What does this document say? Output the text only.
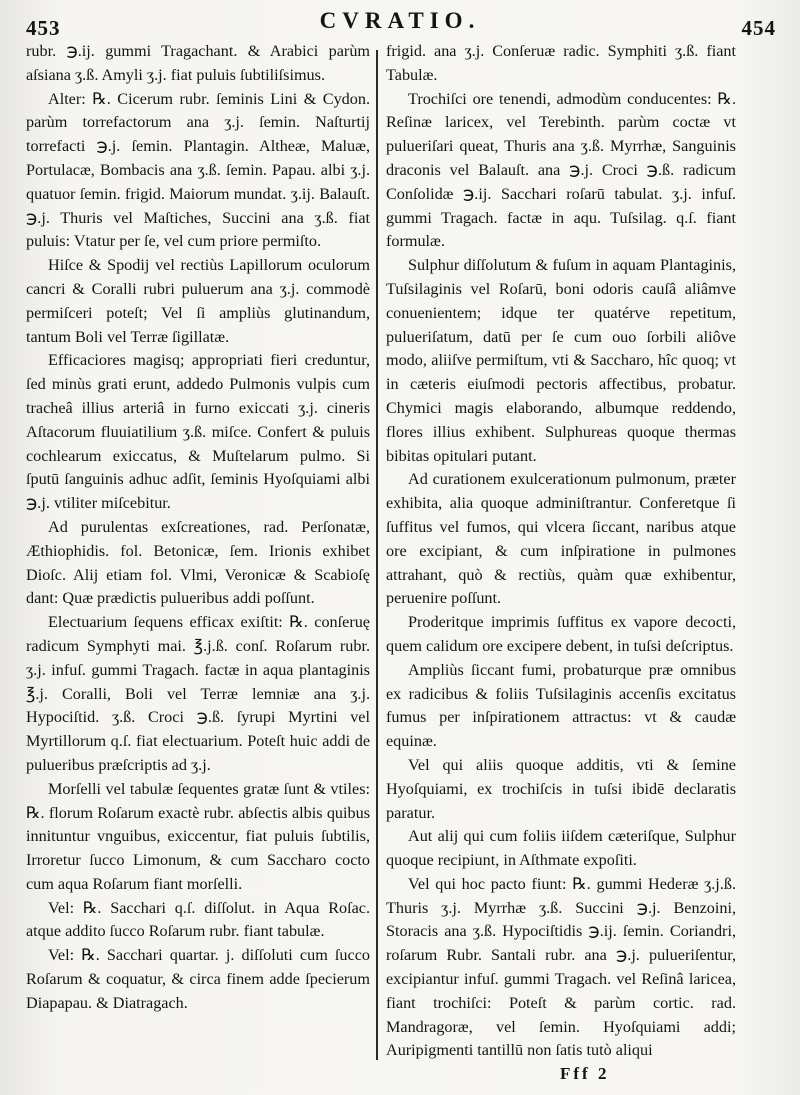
453	CVRATIO.	454

rubr. ℈.ij. gummi Tragachant. & Arabici parùm aſsiana ʒ.ß. Amyli ʒ.j. fiat puluis ſubtiliſsimus.

Alter: ℞. Cicerum rubr. ſeminis Lini & Cydon. parùm torrefactorum ana ʒ.j. ſemin. Naſturtij torrefacti ℈.j. ſemin. Plantagin. Altheæ, Maluæ, Portulacæ, Bombacis ana ʒ.ß. ſemin. Papau. albi ʒ.j. quatuor ſemin. frigid. Maiorum mundat. ʒ.ij. Balauſt. ℈.j. Thuris vel Maſtiches, Succini ana ʒ.ß. fiat puluis: Vtatur per ſe, vel cum priore permiſto.

Hiſce & Spodij vel rectiùs Lapillorum oculorum cancri & Coralli rubri puluerum ana ʒ.j. commodè permiſceri poteſt; Vel ſi ampliùs glutinandum, tantum Boli vel Terræ ſigillatæ.

Efficaciores magisq; appropriati fieri creduntur, ſed minùs grati erunt, addedo Pulmonis vulpis cum tracheâ illius arteriâ in furno exiccati ʒ.j. cineris Aſtacorum fluuiatilium ʒ.ß. miſce. Confert & puluis cochlearum exiccatus, & Muſtelarum pulmo. Si ſputū ſanguinis adhuc adſit, ſeminis Hyoſquiami albi ℈.j. vtiliter miſcebitur.

Ad purulentas exſcreationes, rad. Perſonatæ, Æthiophidis. fol. Betonicæ, ſem. Irionis exhibet Dioſc. Alij etiam fol. Vlmi, Veronicæ & Scabioſę dant: Quæ prædictis pulueribus addi poſſunt.

Electuarium ſequens efficax exiſtit: ℞. conſeruę radicum Symphyti mai. ℥.j.ß. conſ. Roſarum rubr. ʒ.j. infuſ. gummi Tragach. factæ in aqua plantaginis ℥.j. Coralli, Boli vel Terræ lemniæ ana ʒ.j. Hypociſtid. ʒ.ß. Croci ℈.ß. ſyrupi Myrtini vel Myrtillorum q.ſ. fiat electuarium. Poteſt huic addi de pulueribus præſcriptis ad ʒ.j.

Morſelli vel tabulæ ſequentes gratæ ſunt & vtiles: ℞. florum Roſarum exactè rubr. abſectis albis quibus innituntur vnguibus, exiccentur, fiat puluis ſubtilis, Irroretur ſucco Limonum, & cum Saccharo cocto cum aqua Roſarum fiant morſelli.

Vel: ℞. Sacchari q.ſ. diſſolut. in Aqua Roſac. atque addito ſucco Roſarum rubr. fiant tabulæ.

Vel: ℞. Sacchari quartar. j. diſſoluti cum ſucco Roſarum & coquatur, & circa finem adde ſpecierum Diapapau. & Diatragach.

frigid. ana ʒ.j. Conſeruæ radic. Symphiti ʒ.ß. fiant Tabulæ.

Trochiſci ore tenendi, admodùm conducentes: ℞. Reſinæ laricex, vel Terebinth. parùm coctæ vt pulueriſari queat, Thuris ana ʒ.ß. Myrrhæ, Sanguinis draconis vel Balauſt. ana ℈.j. Croci ℈.ß. radicum Conſolidæ ℈.ij. Sacchari roſarū tabulat. ʒ.j. infuſ. gummi Tragach. factæ in aqu. Tuſsilag. q.ſ. fiant formulæ.

Sulphur diſſolutum & fuſum in aquam Plantaginis, Tuſsilaginis vel Roſarū, boni odoris cauſâ aliâmve conuenientem; idque ter quatérve repetitum, pulueriſatum, datū per ſe cum ouo ſorbili aliôve modo, aliiſve permiſtum, vti & Saccharo, hîc quoq; vt in cæteris eiuſmodi pectoris affectibus, probatur. Chymici magis elaborando, albumque reddendo, flores illius exhibent. Sulphureas quoque thermas bibitas opitulari putant.

Ad curationem exulcerationum pulmonum, præter exhibita, alia quoque adminiſtrantur. Conferetque ſi ſuffitus vel fumos, qui vlcera ſiccant, naribus atque ore excipiant, & cum inſpiratione in pulmones attrahant, quò & rectiùs, quàm quæ exhibentur, peruenire poſſunt.

Proderitque imprimis ſuffitus ex vapore decocti, quem calidum ore excipere debent, in tuſsi deſcriptus.

Ampliùs ſiccant fumi, probaturque præ omnibus ex radicibus & foliis Tuſsilaginis accenſis excitatus fumus per inſpirationem attractus: vt & caudæ equinæ.

Vel qui aliis quoque additis, vti & ſemine Hyoſquiami, ex trochiſcis in tuſsi ibidē declaratis paratur.

Aut alij qui cum foliis iiſdem cæteriſque, Sulphur quoque recipiunt, in Aſthmate expoſiti.

Vel qui hoc pacto fiunt: ℞. gummi Hederæ ʒ.j.ß. Thuris ʒ.j. Myrrhæ ʒ.ß. Succini ℈.j. Benzoini, Storacis ana ʒ.ß. Hypociſtidis ℈.ij. ſemin. Coriandri, roſarum Rubr. Santali rubr. ana ℈.j. pulueriſentur, excipiantur infuſ. gummi Tragach. vel Reſinâ laricea, fiant trochiſci: Poteſt & parùm cortic. rad. Mandragoræ, vel ſemin. Hyoſquiami addi; Auripigmenti tantillū non ſatis tutò aliqui

Fff 2
